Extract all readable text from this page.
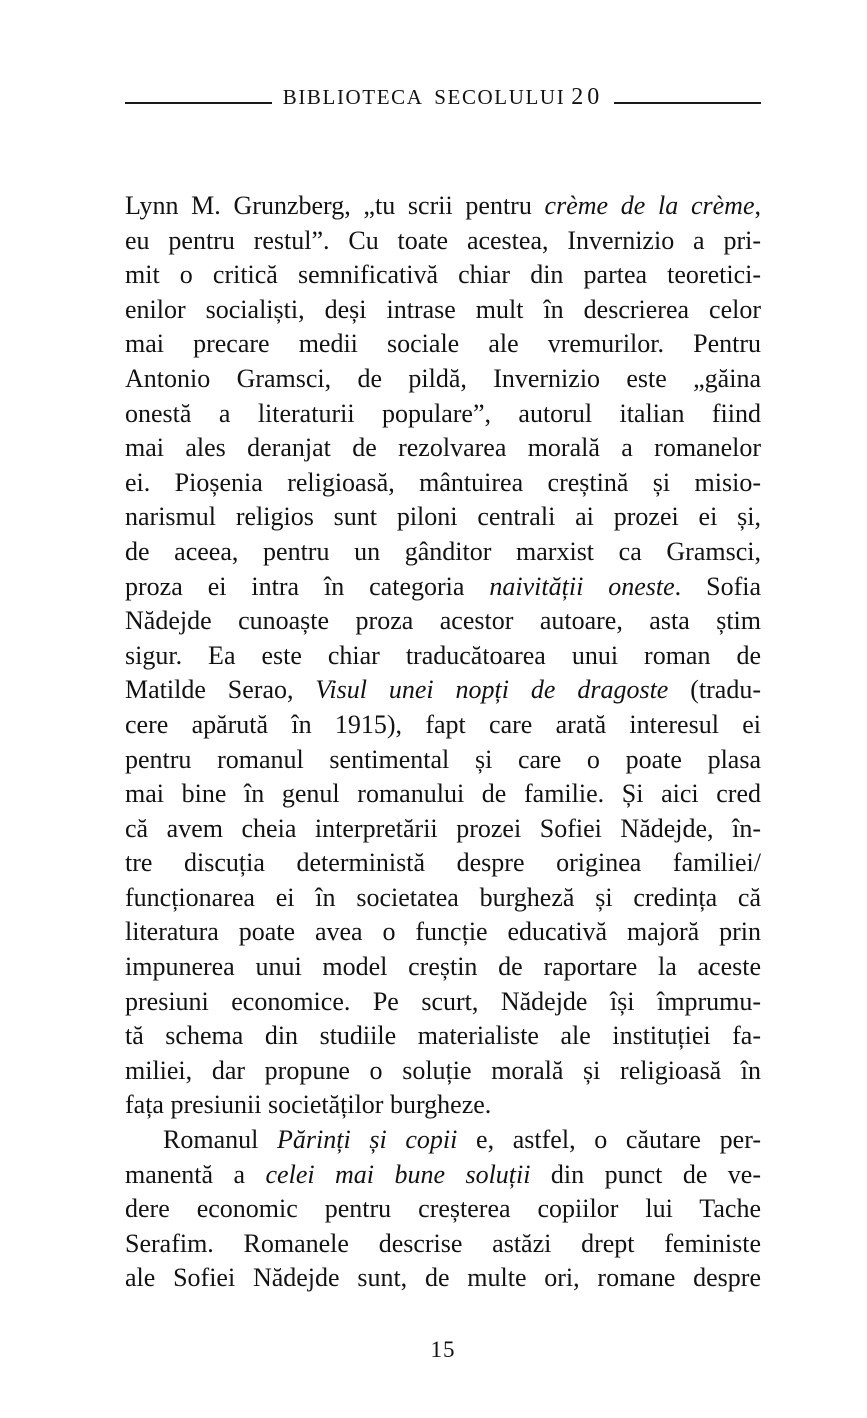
BIBLIOTECA SECOLULUI 20
Lynn M. Grunzberg, „tu scrii pentru crème de la crème,
eu pentru restul”. Cu toate acestea, Invernizio a pri-
mit o critică semnificativă chiar din partea teoretici-
enilor socialiști, deși intrase mult în descrierea celor
mai precare medii sociale ale vremurilor. Pentru
Antonio Gramsci, de pildă, Invernizio este „găina
onestă a literaturii populare”, autorul italian fiind
mai ales deranjat de rezolvarea morală a romanelor
ei. Pioșenia religioasă, mântuirea creștină și misio-
narismul religios sunt piloni centrali ai prozei ei și,
de aceea, pentru un gânditor marxist ca Gramsci,
proza ei intra în categoria naivității oneste. Sofia
Nădejde cunoaște proza acestor autoare, asta știm
sigur. Ea este chiar traducătoarea unui roman de
Matilde Serao, Visul unei nopți de dragoste (tradu-
cere apărută în 1915), fapt care arată interesul ei
pentru romanul sentimental și care o poate plasa
mai bine în genul romanului de familie. Și aici cred
că avem cheia interpretării prozei Sofiei Nădejde, în-
tre discuția deterministă despre originea familiei/
funcționarea ei în societatea burgheză și credința că
literatura poate avea o funcție educativă majoră prin
impunerea unui model creștin de raportare la aceste
presiuni economice. Pe scurt, Nădejde își împrumu-
tă schema din studiile materialiste ale instituției fa-
miliei, dar propune o soluție morală și religioasă în
fața presiunii societăților burgheze.
Romanul Părinți și copii e, astfel, o căutare per-
manentă a celei mai bune soluții din punct de ve-
dere economic pentru creșterea copiilor lui Tache
Serafim. Romanele descrise astăzi drept feministe
ale Sofiei Nădejde sunt, de multe ori, romane despre
15
